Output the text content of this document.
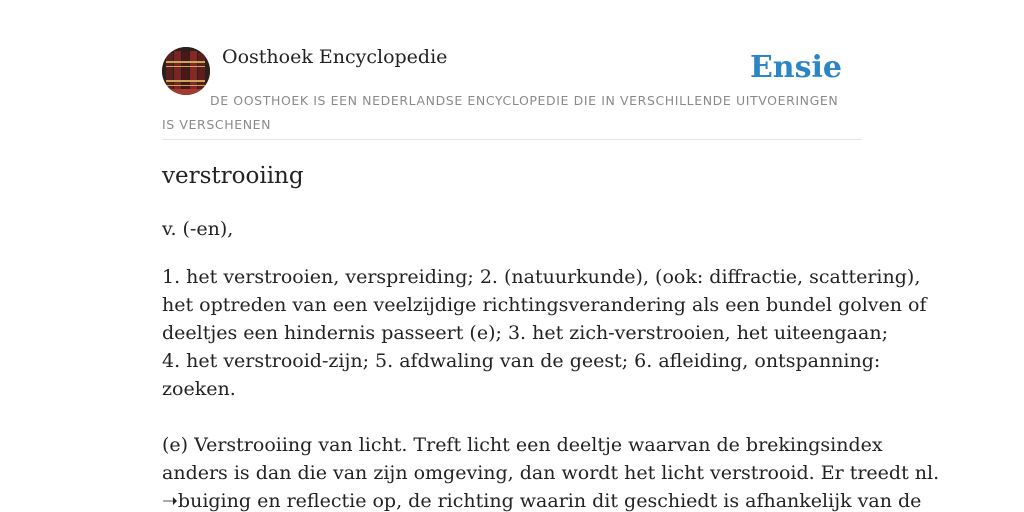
Oosthoek Encyclopedie	Ensie
DE OOSTHOEK IS EEN NEDERLANDSE ENCYCLOPEDIE DIE IN VERSCHILLENDE UITVOERINGEN IS VERSCHENEN
verstrooiing
v. (-en),
1. het verstrooien, verspreiding; 2. (natuurkunde), (ook: diffractie, scattering),
het optreden van een veelzijdige richtingsverandering als een bundel golven of
deeltjes een hindernis passeert (e); 3. het zich-verstrooien, het uiteengaan;
4. het verstrooid-zijn; 5. afdwaling van de geest; 6. afleiding, ontspanning:
zoeken.
(e) Verstrooiing van licht. Treft licht een deeltje waarvan de brekingsindex
anders is dan die van zijn omgeving, dan wordt het licht verstrooid. Er treedt nl.
➝buiging en reflectie op, de richting waarin dit geschiedt is afhankelijk van de
